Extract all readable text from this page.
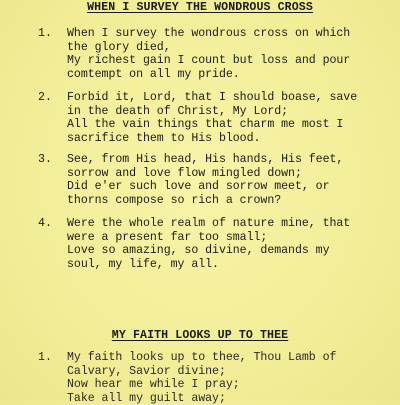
WHEN I SURVEY THE WONDROUS CROSS
1. When I survey the wondrous cross on which
the glory died,
My richest gain I count but loss and pour
comtempt on all my pride.
2. Forbid it, Lord, that I should boase, save
in the death of Christ, My Lord;
All the vain things that charm me most I
sacrifice them to His blood.
3. See, from His head, His hands, His feet,
sorrow and love flow mingled down;
Did e'er such love and sorrow meet, or
thorns compose so rich a crown?
4. Were the whole realm of nature mine, that
were a present far too small;
Love so amazing, so divine, demands my
soul, my life, my all.
MY FAITH LOOKS UP TO THEE
1. My faith looks up to thee, Thou Lamb of
Calvary, Savior divine;
Now hear me while I pray;
Take all my guilt away;
